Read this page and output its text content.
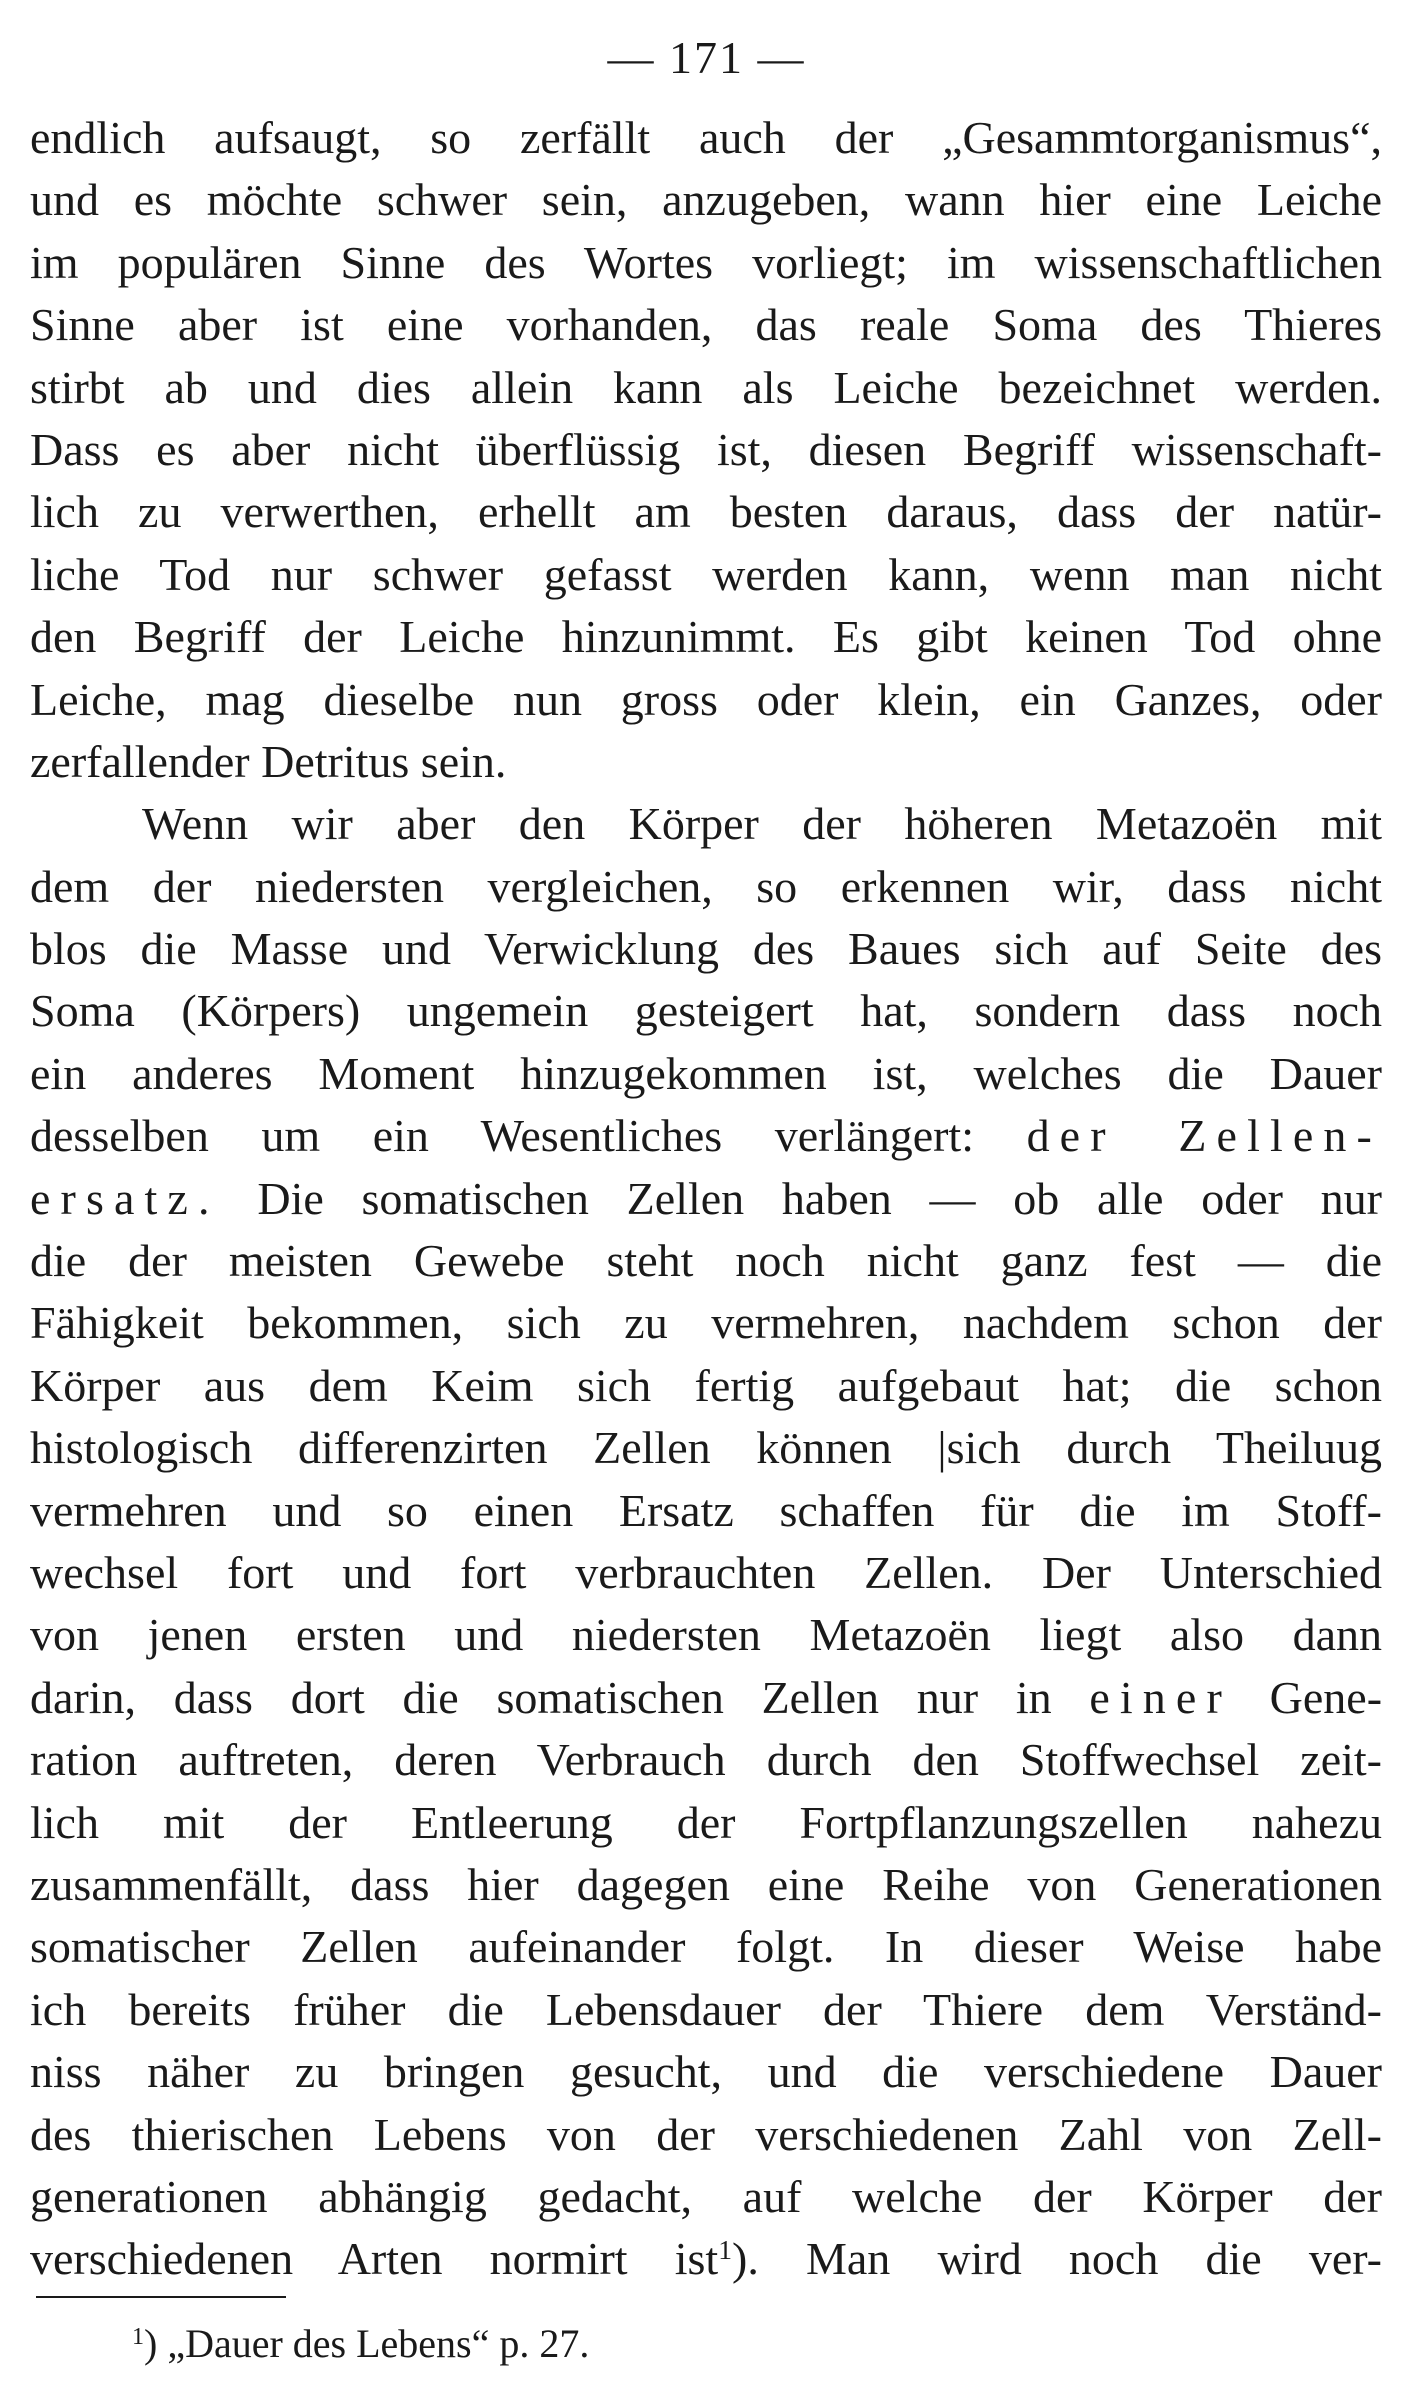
— 171 —
endlich aufsaugt, so zerfällt auch der „Gesammtorganismus“,
und es möchte schwer sein, anzugeben, wann hier eine Leiche
im populären Sinne des Wortes vorliegt; im wissenschaftlichen
Sinne aber ist eine vorhanden, das reale Soma des Thieres
stirbt ab und dies allein kann als Leiche bezeichnet werden.
Dass es aber nicht überflüssig ist, diesen Begriff wissenschaft-
lich zu verwerthen, erhellt am besten daraus, dass der natür-
liche Tod nur schwer gefasst werden kann, wenn man nicht
den Begriff der Leiche hinzunimmt. Es gibt keinen Tod ohne
Leiche, mag dieselbe nun gross oder klein, ein Ganzes, oder
zerfallender Detritus sein.
Wenn wir aber den Körper der höheren Metazoën mit
dem der niedersten vergleichen, so erkennen wir, dass nicht
blos die Masse und Verwicklung des Baues sich auf Seite des
Soma (Körpers) ungemein gesteigert hat, sondern dass noch
ein anderes Moment hinzugekommen ist, welches die Dauer
desselben um ein Wesentliches verlängert: der Zellen-
ersatz. Die somatischen Zellen haben — ob alle oder nur
die der meisten Gewebe steht noch nicht ganz fest — die
Fähigkeit bekommen, sich zu vermehren, nachdem schon der
Körper aus dem Keim sich fertig aufgebaut hat; die schon
histologisch differenzirten Zellen können |sich durch Theiluug
vermehren und so einen Ersatz schaffen für die im Stoff-
wechsel fort und fort verbrauchten Zellen. Der Unterschied
von jenen ersten und niedersten Metazoën liegt also dann
darin, dass dort die somatischen Zellen nur in einer Gene-
ration auftreten, deren Verbrauch durch den Stoffwechsel zeit-
lich mit der Entleerung der Fortpflanzungszellen nahezu
zusammenfällt, dass hier dagegen eine Reihe von Generationen
somatischer Zellen aufeinander folgt. In dieser Weise habe
ich bereits früher die Lebensdauer der Thiere dem Verständ-
niss näher zu bringen gesucht, und die verschiedene Dauer
des thierischen Lebens von der verschiedenen Zahl von Zell-
generationen abhängig gedacht, auf welche der Körper der
verschiedenen Arten normirt ist$^1$). Man wird noch die ver-
$^1$) „Dauer des Lebens“ p. 27.
